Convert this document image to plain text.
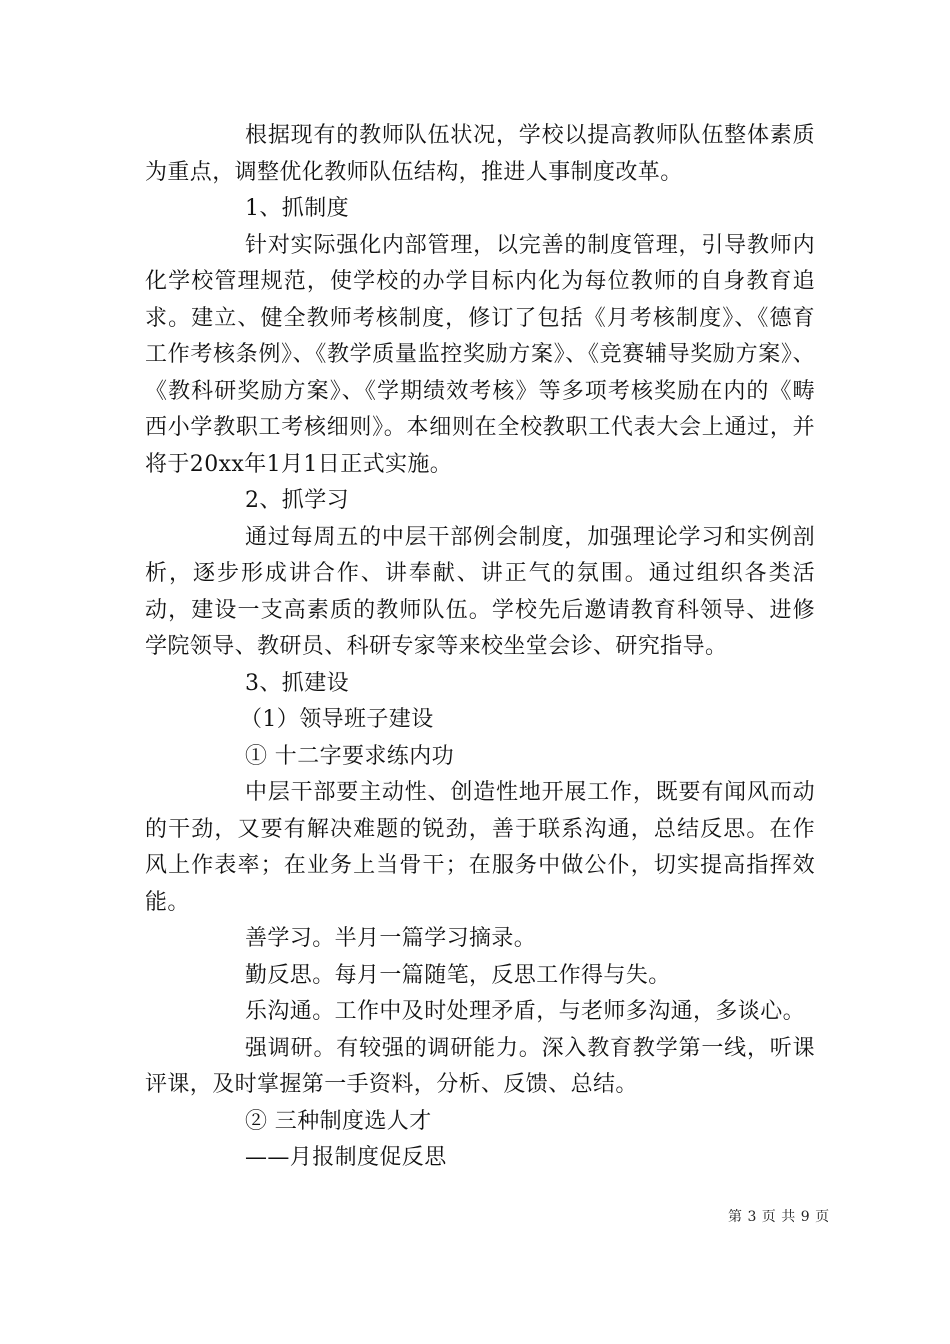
根据现有的教师队伍状况，学校以提高教师队伍整体素质为重点，调整优化教师队伍结构，推进人事制度改革。

1、抓制度

针对实际强化内部管理，以完善的制度管理，引导教师内化学校管理规范，使学校的办学目标内化为每位教师的自身教育追求。建立、健全教师考核制度，修订了包括《月考核制度》、《德育工作考核条例》、《教学质量监控奖励方案》、《竞赛辅导奖励方案》、《教科研奖励方案》、《学期绩效考核》等多项考核奖励在内的《畴西小学教职工考核细则》。本细则在全校教职工代表大会上通过，并将于20xx年1月1日正式实施。

2、抓学习

通过每周五的中层干部例会制度，加强理论学习和实例剖析，逐步形成讲合作、讲奉献、讲正气的氛围。通过组织各类活动，建设一支高素质的教师队伍。学校先后邀请教育科领导、进修学院领导、教研员、科研专家等来校坐堂会诊、研究指导。

3、抓建设

（1）领导班子建设

① 十二字要求练内功

中层干部要主动性、创造性地开展工作，既要有闻风而动的干劲，又要有解决难题的锐劲，善于联系沟通，总结反思。在作风上作表率；在业务上当骨干；在服务中做公仆，切实提高指挥效能。

善学习。半月一篇学习摘录。

勤反思。每月一篇随笔，反思工作得与失。

乐沟通。工作中及时处理矛盾，与老师多沟通，多谈心。

强调研。有较强的调研能力。深入教育教学第一线，听课评课，及时掌握第一手资料，分析、反馈、总结。

② 三种制度选人才

——月报制度促反思

第 3 页 共 9 页
